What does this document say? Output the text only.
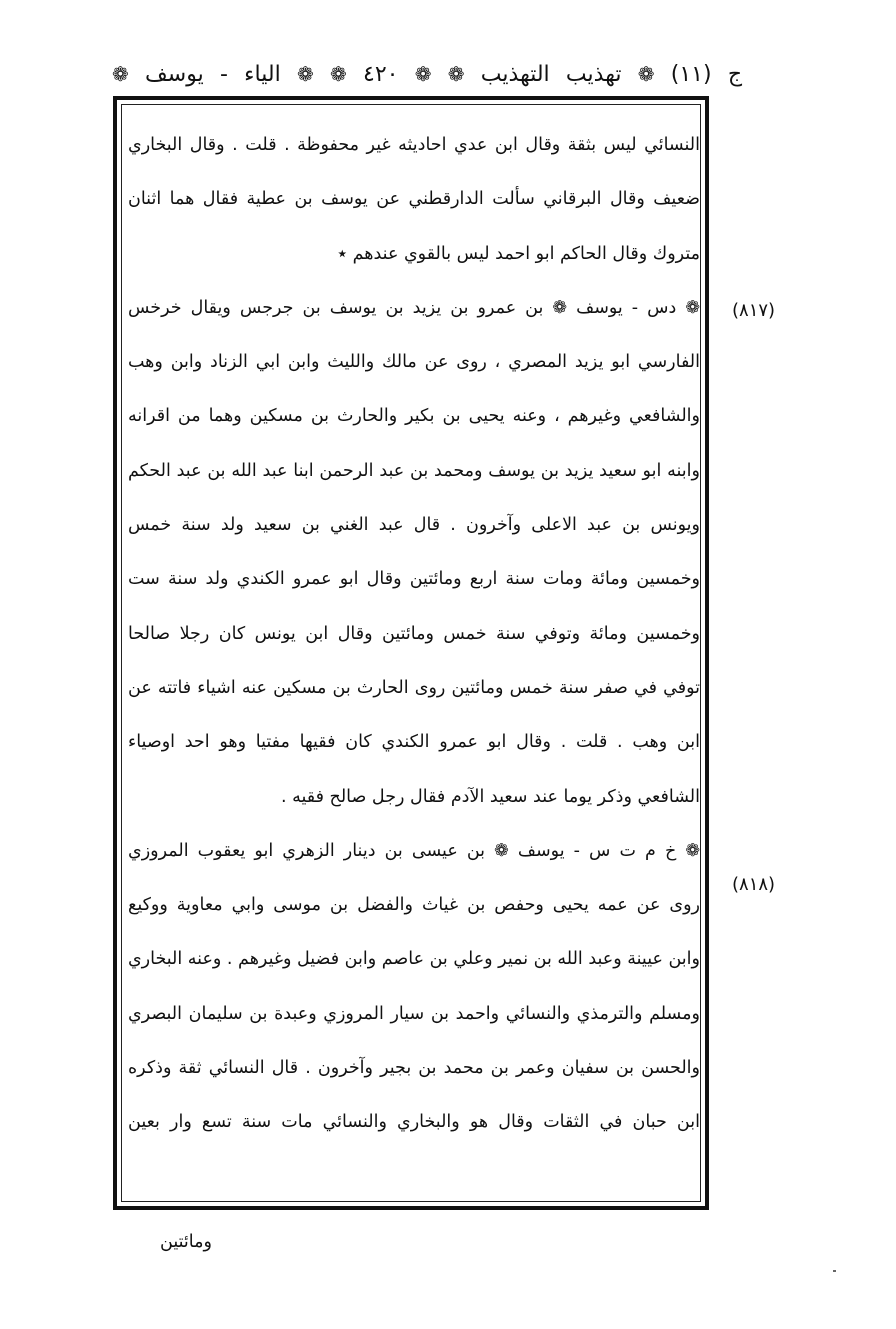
ج (١١) ❁ تهذيب التهذيب ❁ ❁ ٤٢٠ ❁ ❁ الياء - يوسف ❁
(٨١٧)
(٨١٨)
النسائي ليس بثقة وقال ابن عدي احاديثه غير محفوظة . قلت . وقال البخاري
ضعيف وقال البرقاني سألت الدارقطني عن يوسف بن عطية فقال هما اثنان
متروك وقال الحاكم ابو احمد ليس بالقوي عندهم ٭
❁ دس - يوسف ❁ بن عمرو بن يزيد بن يوسف بن جرجس ويقال خرخس
الفارسي ابو يزيد المصري ، روى عن مالك والليث وابن ابي الزناد وابن وهب
والشافعي وغيرهم ، وعنه يحيى بن بكير والحارث بن مسكين وهما من اقرانه
وابنه ابو سعيد يزيد بن يوسف ومحمد بن عبد الرحمن ابنا عبد الله بن عبد الحكم
ويونس بن عبد الاعلى وآخرون . قال عبد الغني بن سعيد ولد سنة خمس
وخمسين ومائة ومات سنة اربع ومائتين وقال ابو عمرو الكندي ولد سنة ست
وخمسين ومائة وتوفي سنة خمس ومائتين وقال ابن يونس كان رجلا صالحا
توفي في صفر سنة خمس ومائتين روى الحارث بن مسكين عنه اشياء فاتته عن
ابن وهب . قلت . وقال ابو عمرو الكندي كان فقيها مفتيا وهو احد اوصياء
الشافعي وذكر يوما عند سعيد الآدم فقال رجل صالح فقيه .
❁ خ م ت س - يوسف ❁ بن عيسى بن دينار الزهري ابو يعقوب المروزي
روى عن عمه يحيى وحفص بن غياث والفضل بن موسى وابي معاوية ووكيع
وابن عيينة وعبد الله بن نمير وعلي بن عاصم وابن فضيل وغيرهم . وعنه البخاري
ومسلم والترمذي والنسائي واحمد بن سيار المروزي وعبدة بن سليمان البصري
والحسن بن سفيان وعمر بن محمد بن بجير وآخرون . قال النسائي ثقة وذكره
ابن حبان في الثقات وقال هو والبخاري والنسائي مات سنة تسع وار بعين
ومائتين
